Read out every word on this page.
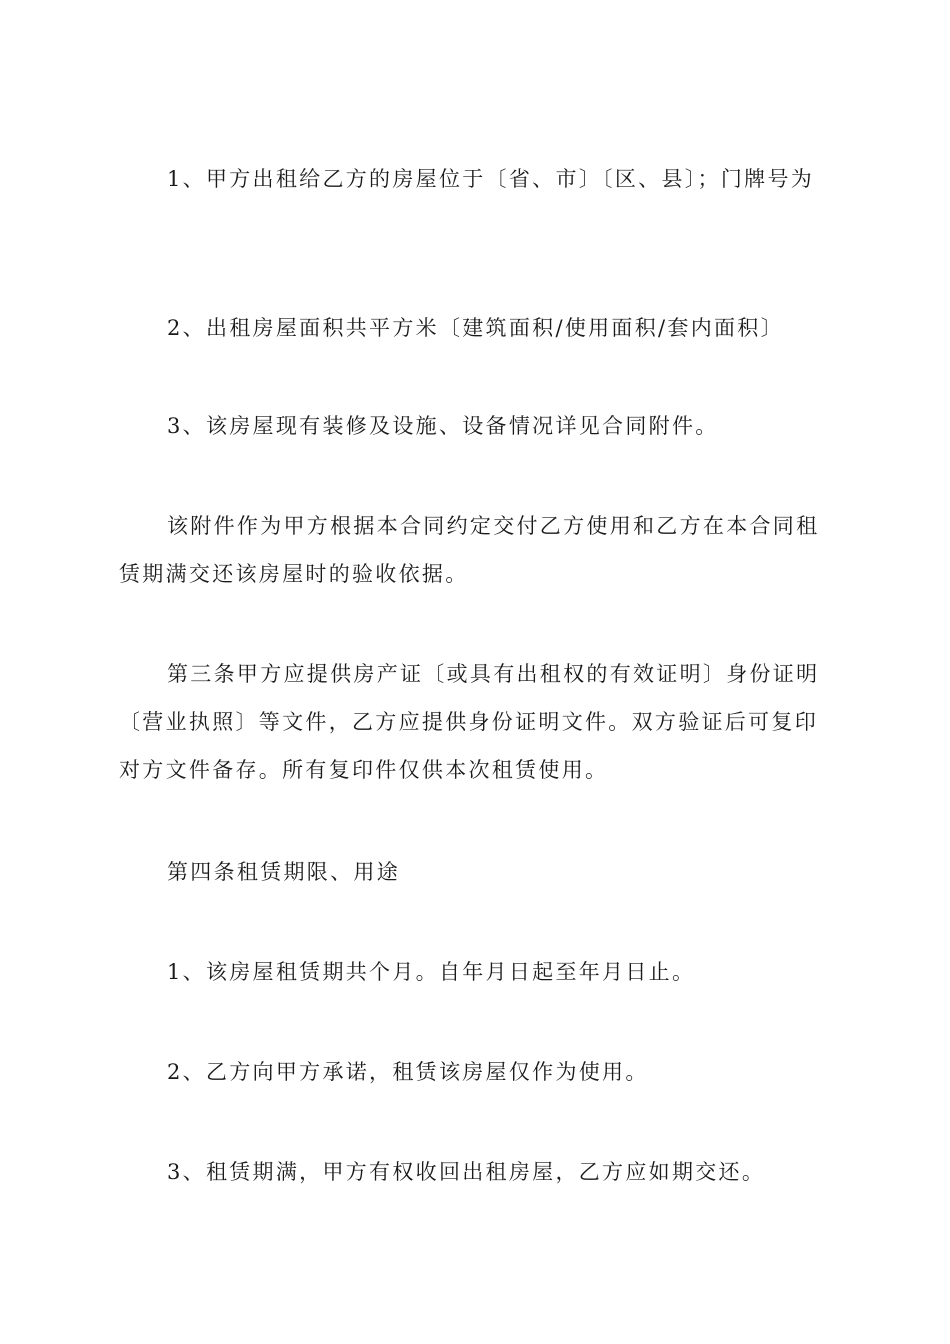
1、甲方出租给乙方的房屋位于〔省、市〕〔区、县〕；门牌号为

2、出租房屋面积共平方米〔建筑面积/使用面积/套内面积〕

3、该房屋现有装修及设施、设备情况详见合同附件。

该附件作为甲方根据本合同约定交付乙方使用和乙方在本合同租赁期满交还该房屋时的验收依据。

第三条甲方应提供房产证〔或具有出租权的有效证明〕身份证明〔营业执照〕等文件，乙方应提供身份证明文件。双方验证后可复印对方文件备存。所有复印件仅供本次租赁使用。

第四条租赁期限、用途

1、该房屋租赁期共个月。自年月日起至年月日止。

2、乙方向甲方承诺，租赁该房屋仅作为使用。

3、租赁期满，甲方有权收回出租房屋，乙方应如期交还。
